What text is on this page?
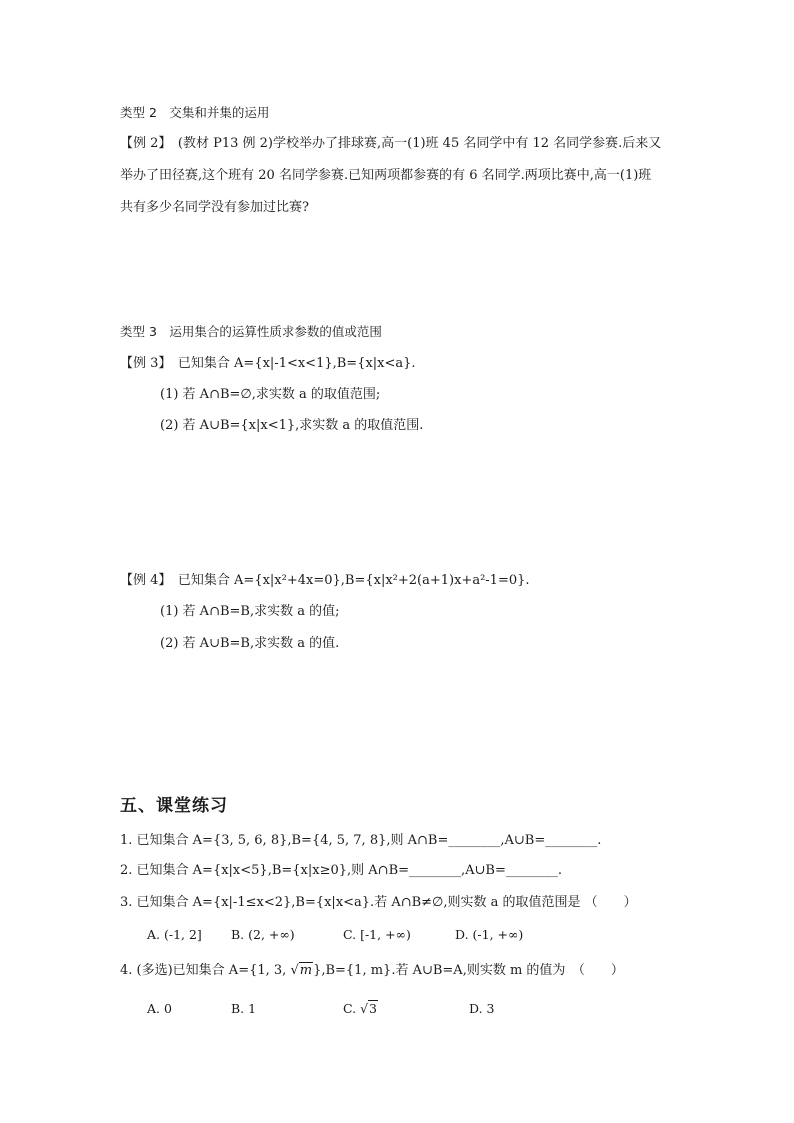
类型 2　交集和并集的运用
【例 2】　(教材 P13 例 2)学校举办了排球赛,高一(1)班 45 名同学中有 12 名同学参赛.后来又
举办了田径赛,这个班有 20 名同学参赛.已知两项都参赛的有 6 名同学.两项比赛中,高一(1)班
共有多少名同学没有参加过比赛?
类型 3　运用集合的运算性质求参数的值或范围
【例 3】　已知集合 A={x|-1<x<1},B={x|x<a}.
(1) 若 A∩B=∅,求实数 a 的取值范围;
(2) 若 A∪B={x|x<1},求实数 a 的取值范围.
【例 4】　已知集合 A={x|x²+4x=0},B={x|x²+2(a+1)x+a²-1=0}.
(1) 若 A∩B=B,求实数 a 的值;
(2) 若 A∪B=B,求实数 a 的值.
五、课堂练习
1. 已知集合 A={3, 5, 6, 8},B={4, 5, 7, 8},则 A∩B=________,A∪B=________.
2. 已知集合 A={x|x<5},B={x|x≥0},则 A∩B=________,A∪B=________.
3. 已知集合 A={x|-1≤x<2},B={x|x<a}.若 A∩B≠∅,则实数 a 的取值范围是 （　　）
A. (-1, 2] B. (2, +∞)	C. [-1, +∞)	D. (-1, +∞)
4. (多选)已知集合 A={1, 3, √m},B={1, m}.若 A∪B=A,则实数 m 的值为　（　　）
A. 0	B. 1	C. √3	D. 3
